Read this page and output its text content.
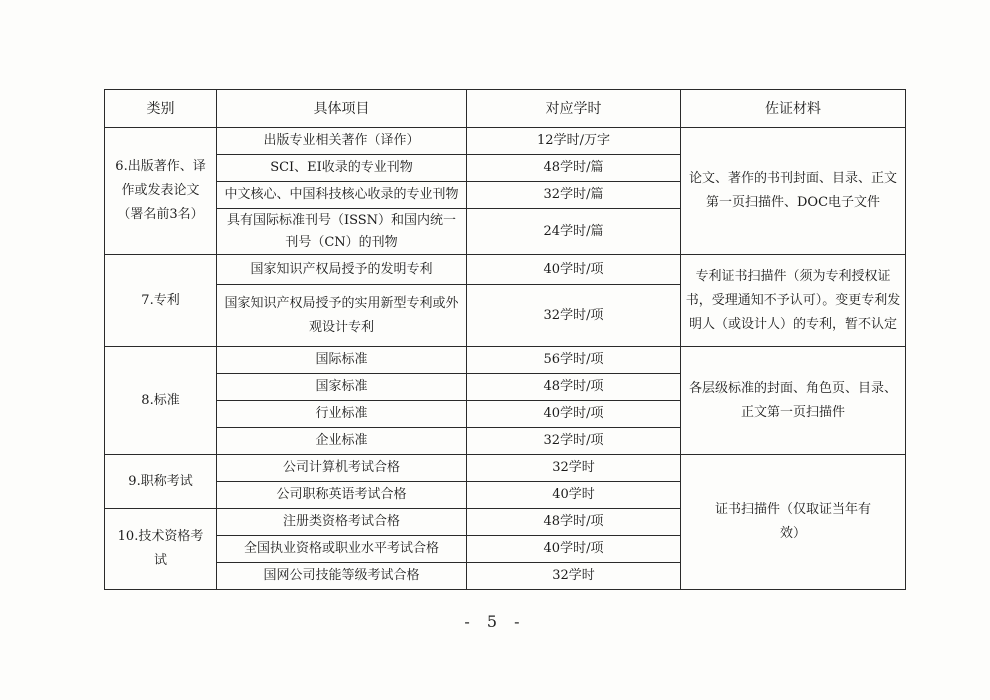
类别	具体项目	对应学时	佐证材料
6.出版著作、译作或发表论文（署名前3名）	出版专业相关著作（译作）	12学时/万字	论文、著作的书刊封面、目录、正文第一页扫描件、DOC电子文件
	SCI、EI收录的专业刊物	48学时/篇	
	中文核心、中国科技核心收录的专业刊物	32学时/篇	
	具有国际标准刊号（ISSN）和国内统一刊号（CN）的刊物	24学时/篇	
7.专利	国家知识产权局授予的发明专利	40学时/项	专利证书扫描件（须为专利授权证书，受理通知不予认可）。变更专利发明人（或设计人）的专利，暂不认定
	国家知识产权局授予的实用新型专利或外观设计专利	32学时/项	
8.标准	国际标准	56学时/项	各层级标准的封面、角色页、目录、正文第一页扫描件
	国家标准	48学时/项	
	行业标准	40学时/项	
	企业标准	32学时/项	
9.职称考试	公司计算机考试合格	32学时	证书扫描件（仅取证当年有效）
	公司职称英语考试合格	40学时	
10.技术资格考试	注册类资格考试合格	48学时/项	
	全国执业资格或职业水平考试合格	40学时/项	
	国网公司技能等级考试合格	32学时	
- 5 -
